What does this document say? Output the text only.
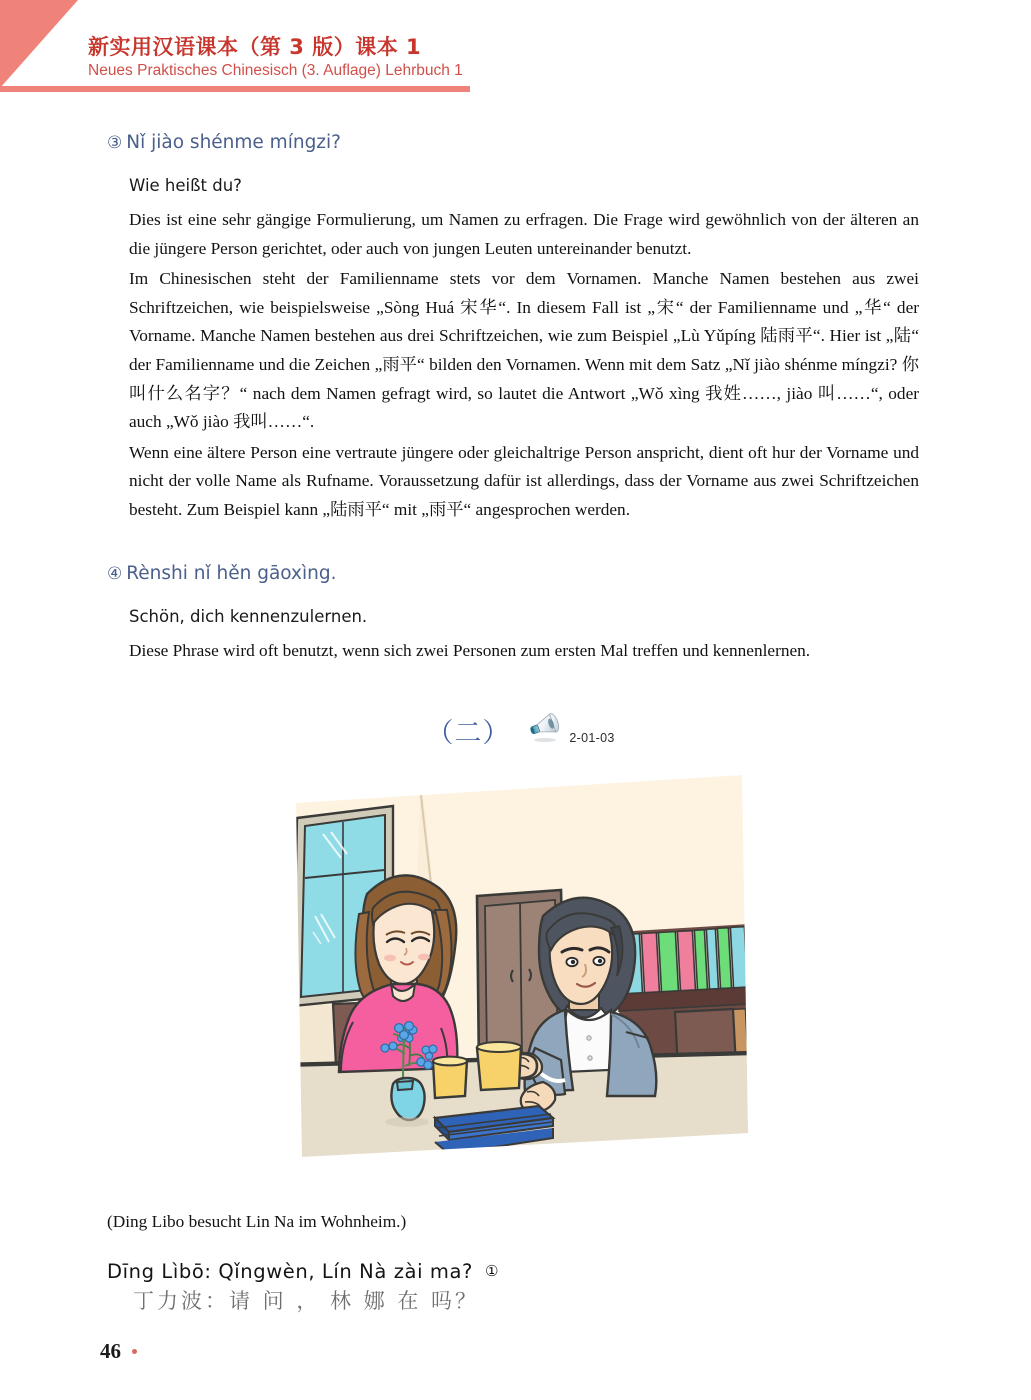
新实用汉语课本（第 3 版）课本 1
Neues Praktisches Chinesisch (3. Auflage) Lehrbuch 1
③ Nǐ jiào shénme míngzi?
Wie heißt du?

Dies ist eine sehr gängige Formulierung, um Namen zu erfragen. Die Frage wird gewöhnlich von der älteren an die jüngere Person gerichtet, oder auch von jungen Leuten untereinander benutzt.

Im Chinesischen steht der Familienname stets vor dem Vornamen. Manche Namen bestehen aus zwei Schriftzeichen, wie beispielsweise „Sòng Huá 宋华“. In diesem Fall ist „宋“ der Familienname und „华“ der Vorname. Manche Namen bestehen aus drei Schriftzeichen, wie zum Beispiel „Lù Yǔpíng 陆雨平“. Hier ist „陆“ der Familienname und die Zeichen „雨平“ bilden den Vornamen. Wenn mit dem Satz „Nǐ jiào shénme míngzi? 你叫什么名字？“ nach dem Namen gefragt wird, so lautet die Antwort „Wǒ xìng 我姓……, jiào 叫……“, oder auch „Wǒ jiào 我叫……“.

Wenn eine ältere Person eine vertraute jüngere oder gleichaltrige Person anspricht, dient oft hur der Vorname und nicht der volle Name als Rufname. Voraussetzung dafür ist allerdings, dass der Vorname aus zwei Schriftzeichen besteht. Zum Beispiel kann „陆雨平“ mit „雨平“ angesprochen werden.

④ Rènshi nǐ hěn gāoxìng.
Schön, dich kennenzulernen.

Diese Phrase wird oft benutzt, wenn sich zwei Personen zum ersten Mal treffen und kennenlernen.

（二）	2-01-03
(Ding Libo besucht Lin Na im Wohnheim.)
Dīng Lìbō: Qǐngwèn, Lín Nà zài ma? ①
丁力波：请 问 ， 林 娜 在 吗？
46
